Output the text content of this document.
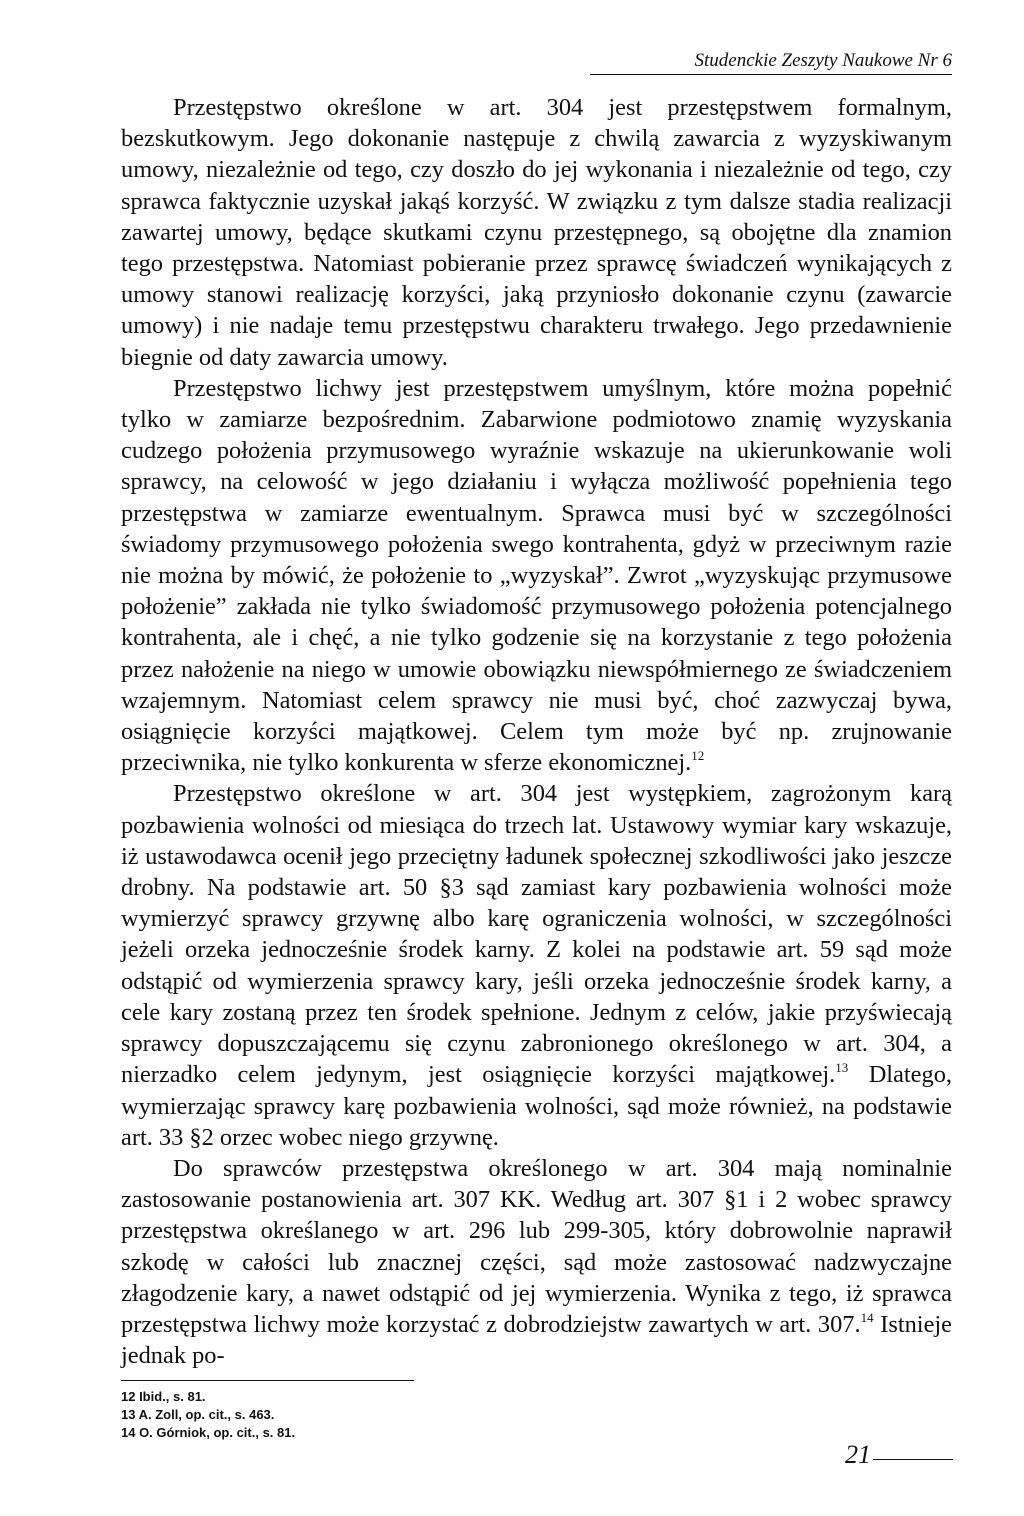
Studenckie Zeszyty Naukowe Nr 6

Przestępstwo określone w art. 304 jest przestępstwem formalnym, bezskutkowym. Jego dokonanie następuje z chwilą zawarcia z wyzyskiwanym umowy, niezależnie od tego, czy doszło do jej wykonania i niezależnie od tego, czy sprawca faktycznie uzyskał jakąś korzyść. W związku z tym dalsze stadia realizacji zawartej umowy, będące skutkami czynu przestępnego, są obojętne dla znamion tego przestępstwa. Natomiast pobieranie przez sprawcę świadczeń wynikających z umowy stanowi realizację korzyści, jaką przyniosło dokonanie czynu (zawarcie umowy) i nie nadaje temu przestępstwu charakteru trwałego. Jego przedawnienie biegnie od daty zawarcia umowy.

Przestępstwo lichwy jest przestępstwem umyślnym, które można popełnić tylko w zamiarze bezpośrednim. Zabarwione podmiotowo znamię wyzyskania cudzego położenia przymusowego wyraźnie wskazuje na ukierunkowanie woli sprawcy, na celowość w jego działaniu i wyłącza możliwość popełnienia tego przestępstwa w zamiarze ewentualnym. Sprawca musi być w szczególności świadomy przymusowego położenia swego kontrahenta, gdyż w przeciwnym razie nie można by mówić, że położenie to „wyzyskał”. Zwrot „wyzyskując przymusowe położenie” zakłada nie tylko świadomość przymusowego położenia potencjalnego kontrahenta, ale i chęć, a nie tylko godzenie się na korzystanie z tego położenia przez nałożenie na niego w umowie obowiązku niewspółmiernego ze świadczeniem wzajemnym. Natomiast celem sprawcy nie musi być, choć zazwyczaj bywa, osiągnięcie korzyści majątkowej. Celem tym może być np. zrujnowanie przeciwnika, nie tylko konkurenta w sferze ekonomicznej.$^{12}$

Przestępstwo określone w art. 304 jest występkiem, zagrożonym karą pozbawienia wolności od miesiąca do trzech lat. Ustawowy wymiar kary wskazuje, iż ustawodawca ocenił jego przeciętny ładunek społecznej szkodliwości jako jeszcze drobny. Na podstawie art. 50 §3 sąd zamiast kary pozbawienia wolności może wymierzyć sprawcy grzywnę albo karę ograniczenia wolności, w szczególności jeżeli orzeka jednocześnie środek karny. Z kolei na podstawie art. 59 sąd może odstąpić od wymierzenia sprawcy kary, jeśli orzeka jednocześnie środek karny, a cele kary zostaną przez ten środek spełnione. Jednym z celów, jakie przyświecają sprawcy dopuszczającemu się czynu zabronionego określonego w art. 304, a nierzadko celem jedynym, jest osiągnięcie korzyści majątkowej.$^{13}$ Dlatego, wymierzając sprawcy karę pozbawienia wolności, sąd może również, na podstawie art. 33 §2 orzec wobec niego grzywnę.

Do sprawców przestępstwa określonego w art. 304 mają nominalnie zastosowanie postanowienia art. 307 KK. Według art. 307 §1 i 2 wobec sprawcy przestępstwa określanego w art. 296 lub 299-305, który dobrowolnie naprawił szkodę w całości lub znacznej części, sąd może zastosować nadzwyczajne złagodzenie kary, a nawet odstąpić od jej wymierzenia. Wynika z tego, iż sprawca przestępstwa lichwy może korzystać z dobrodziejstw zawartych w art. 307.14 Istnieje jednak po-

12 Ibid., s. 81.
13 A. Zoll, op. cit., s. 463.
14 O. Górniok, op. cit., s. 81.
21
